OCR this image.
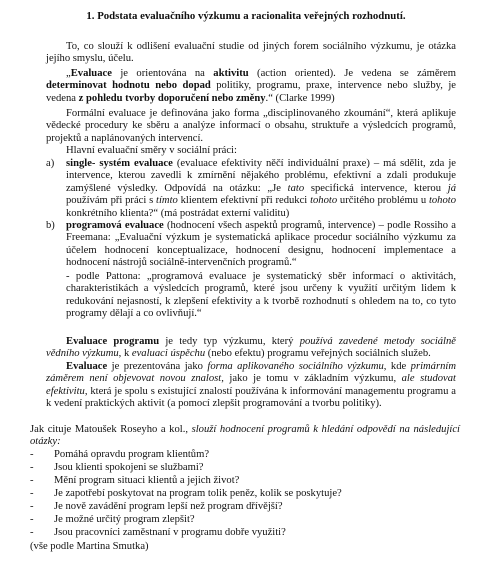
1. Podstata evaluačního výzkumu a racionalita veřejných rozhodnutí.

To, co slouží k odlišení evaluační studie od jiných forem sociálního výzkumu, je otázka jejího smyslu, účelu.

„Evaluace je orientována na aktivitu (action oriented). Je vedena se záměrem determinovat hodnotu nebo dopad politiky, programu, praxe, intervence nebo služby, je vedena z pohledu tvorby doporučení nebo změny.“ (Clarke 1999)

Formální evaluace je definována jako forma „disciplinovaného zkoumání“, která aplikuje vědecké procedury ke sběru a analýze informací o obsahu, struktuře a výsledcích programů, projektů a naplánovaných intervencí.

Hlavní evaluační směry v sociální práci:

a) single- systém evaluace (evaluace efektivity něčí individuální praxe) – má sdělit, zda je intervence, kterou zavedli k zmírnění nějakého problému, efektivní a zdali produkuje zamýšlené výsledky. Odpovídá na otázku: „Je tato specifická intervence, kterou já používám při práci s tímto klientem efektivní při redukci tohoto určitého problému u tohoto konkrétního klienta?“ (má postrádat externí validitu)
b) programová evaluace (hodnocení všech aspektů programů, intervence) – podle Rossiho a Freemana: „Evaluační výzkum je systematická aplikace procedur sociálního výzkumu za účelem hodnocení konceptualizace, hodnocení designu, hodnocení implementace a hodnocení nástrojů sociálně-intervenčních programů.“
- podle Pattona: „programová evaluace je systematický sběr informací o aktivitách, charakteristikách a výsledcích programů, které jsou určeny k využití určitým lidem k redukování nejasností, k zlepšení efektivity a k tvorbě rozhodnutí s ohledem na to, co tyto programy dělají a co ovlivňují.“

Evaluace programu je tedy typ výzkumu, který používá zavedené metody sociálně vědního výzkumu, k evaluaci úspěchu (nebo efektu) programu veřejných sociálních služeb.

Evaluace je prezentována jako forma aplikovaného sociálního výzkumu, kde primárním záměrem není objevovat novou znalost, jako je tomu v základním výzkumu, ale studovat efektivitu, která je spolu s existující znalostí používána k informování managementu programu a k vedení praktických aktivit (a pomocí zlepšit programování a tvorbu politiky).

Jak cituje Matoušek Roseyho a kol., slouží hodnocení programů k hledání odpovědí na následující otázky:

- Pomáhá opravdu program klientům?
- Jsou klienti spokojeni se službami?
- Mění program situaci klientů a jejich život?
- Je zapotřebí poskytovat na program tolik peněz, kolik se poskytuje?
- Je nově zavádění program lepší než program dřívější?
- Je možné určitý program zlepšit?
- Jsou pracovníci zaměstnaní v programu dobře využiti?
(vše podle Martina Smutka)
